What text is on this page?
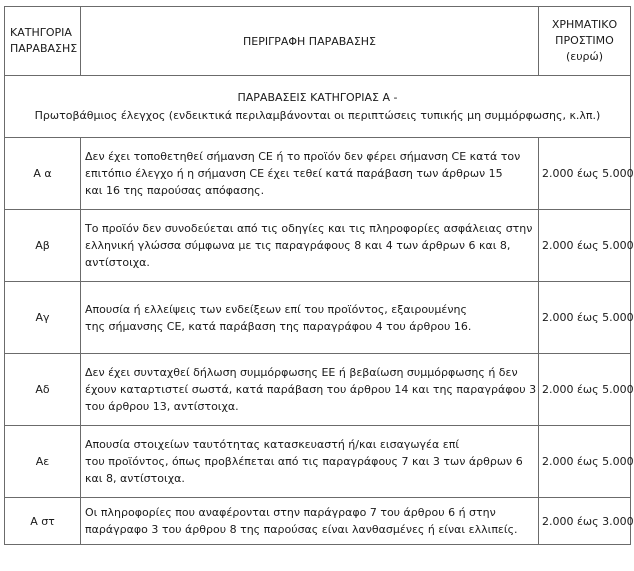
ΚΑΤΗΓΟΡΙΑ
ΠΑΡΑΒΑΣΗΣ	ΠΕΡΙΓΡΑΦΗ ΠΑΡΑΒΑΣΗΣ	ΧΡΗΜΑΤΙΚΟ
ΠΡΟΣΤΙΜΟ
(ευρώ)

ΠΑΡΑΒΑΣΕΙΣ ΚΑΤΗΓΟΡΙΑΣ Α -
Πρωτοβάθμιος έλεγχος (ενδεικτικά περιλαμβάνονται οι περιπτώσεις τυπικής μη συμμόρφωσης, κ.λπ.)		

Α α	Δεν έχει τοποθετηθεί σήμανση CE ή το προϊόν δεν φέρει σήμανση CE κατά τον
επιτόπιο έλεγχο ή η σήμανση CE έχει τεθεί κατά παράβαση των άρθρων 15
και 16 της παρούσας απόφασης.	2.000 έως 5.000
Αβ	Το προϊόν δεν συνοδεύεται από τις οδηγίες και τις πληροφορίες ασφάλειας στην
ελληνική γλώσσα σύμφωνα με τις παραγράφους 8 και 4 των άρθρων 6 και 8,
αντίστοιχα.	2.000 έως 5.000
Αγ	Απουσία ή ελλείψεις των ενδείξεων επί του προϊόντος, εξαιρουμένης
της σήμανσης CE, κατά παράβαση της παραγράφου 4 του άρθρου 16.	2.000 έως 5.000
Αδ	Δεν έχει συνταχθεί δήλωση συμμόρφωσης ΕΕ ή βεβαίωση συμμόρφωσης ή δεν
έχουν καταρτιστεί σωστά, κατά παράβαση του άρθρου 14 και της παραγράφου 3
του άρθρου 13, αντίστοιχα.	2.000 έως 5.000
Αε	Απουσία στοιχείων ταυτότητας κατασκευαστή ή/και εισαγωγέα επί
του προϊόντος, όπως προβλέπεται από τις παραγράφους 7 και 3 των άρθρων 6
και 8, αντίστοιχα.	2.000 έως 5.000
Α στ	Οι πληροφορίες που αναφέρονται στην παράγραφο 7 του άρθρου 6 ή στην
παράγραφο 3 του άρθρου 8 της παρούσας είναι λανθασμένες ή είναι ελλιπείς.	2.000 έως 3.000
